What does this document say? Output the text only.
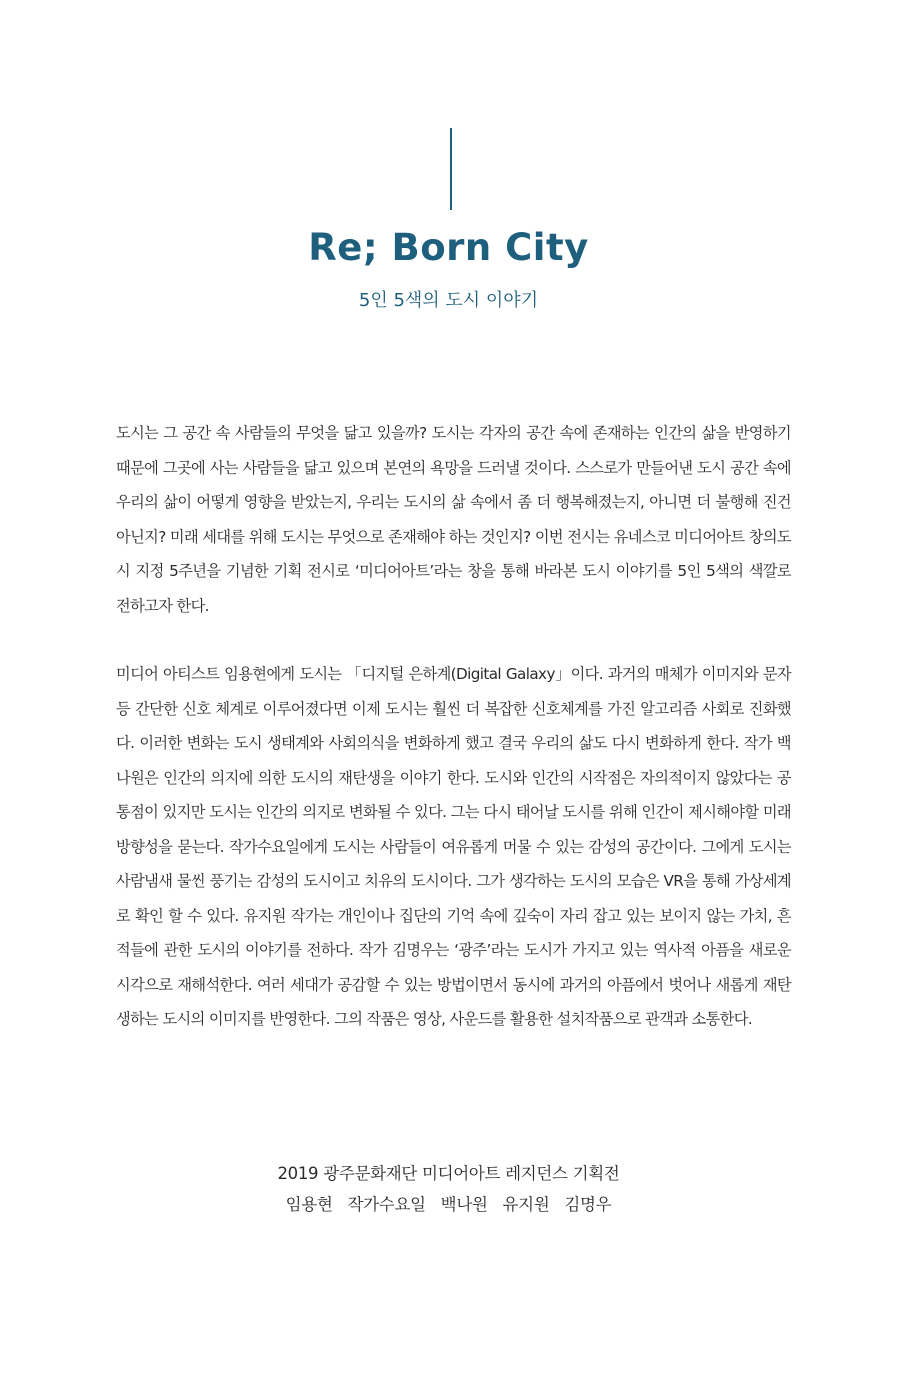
Re; Born City
5인 5색의 도시 이야기
도시는 그 공간 속 사람들의 무엇을 닮고 있을까? 도시는 각자의 공간 속에 존재하는 인간의 삶을 반영하기 때문에 그곳에 사는 사람들을 닮고 있으며 본연의 욕망을 드러낼 것이다. 스스로가 만들어낸 도시 공간 속에 우리의 삶이 어떻게 영향을 받았는지, 우리는 도시의 삶 속에서 좀 더 행복해졌는지, 아니면 더 불행해 진건 아닌지? 미래 세대를 위해 도시는 무엇으로 존재해야 하는 것인지? 이번 전시는 유네스코 미디어아트 창의도시 지정 5주년을 기념한 기획 전시로 ‘미디어아트’라는 창을 통해 바라본 도시 이야기를 5인 5색의 색깔로 전하고자 한다.
미디어 아티스트 임용현에게 도시는 「디지털 은하계(Digital Galaxy」이다. 과거의 매체가 이미지와 문자 등 간단한 신호 체계로 이루어졌다면 이제 도시는 훨씬 더 복잡한 신호체계를 가진 알고리즘 사회로 진화했다. 이러한 변화는 도시 생태계와 사회의식을 변화하게 했고 결국 우리의 삶도 다시 변화하게 한다. 작가 백나원은 인간의 의지에 의한 도시의 재탄생을 이야기 한다. 도시와 인간의 시작점은 자의적이지 않았다는 공통점이 있지만 도시는 인간의 의지로 변화될 수 있다. 그는 다시 태어날 도시를 위해 인간이 제시해야할 미래 방향성을 묻는다. 작가수요일에게 도시는 사람들이 여유롭게 머물 수 있는 감성의 공간이다. 그에게 도시는 사람냄새 물씬 풍기는 감성의 도시이고 치유의 도시이다. 그가 생각하는 도시의 모습은 VR을 통해 가상세계로 확인 할 수 있다. 유지원 작가는 개인이나 집단의 기억 속에 깊숙이 자리 잡고 있는 보이지 않는 가치, 흔적들에 관한 도시의 이야기를 전하다. 작가 김명우는 ‘광주’라는 도시가 가지고 있는 역사적 아픔을 새로운 시각으로 재해석한다. 여러 세대가 공감할 수 있는 방법이면서 동시에 과거의 아픔에서 벗어나 새롭게 재탄생하는 도시의 이미지를 반영한다. 그의 작품은 영상, 사운드를 활용한 설치작품으로 관객과 소통한다.
2019 광주문화재단 미디어아트 레지던스 기획전
임용현 작가수요일 백나원 유지원 김명우
